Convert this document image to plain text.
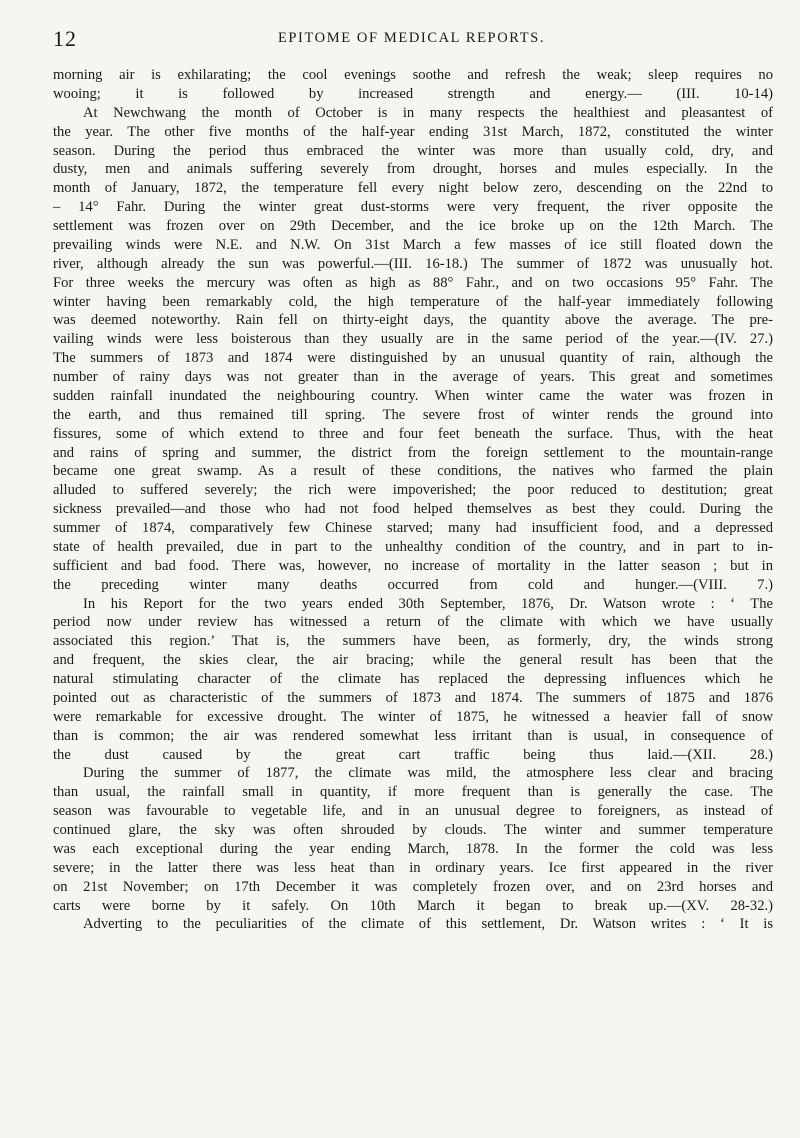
12	EPITOME OF MEDICAL REPORTS.
morning air is exhilarating; the cool evenings soothe and refresh the weak; sleep requires no
wooing; it is followed by increased strength and energy.— (III. 10-14)
At Newchwang the month of October is in many respects the healthiest and pleasantest of
the year. The other five months of the half-year ending 31st March, 1872, constituted the winter
season. During the period thus embraced the winter was more than usually cold, dry, and
dusty, men and animals suffering severely from drought, horses and mules especially. In the
month of January, 1872, the temperature fell every night below zero, descending on the 22nd to
– 14° Fahr. During the winter great dust-storms were very frequent, the river opposite the
settlement was frozen over on 29th December, and the ice broke up on the 12th March. The
prevailing winds were N.E. and N.W. On 31st March a few masses of ice still floated down the
river, although already the sun was powerful.—(III. 16-18.) The summer of 1872 was unusually hot.
For three weeks the mercury was often as high as 88° Fahr., and on two occasions 95° Fahr. The
winter having been remarkably cold, the high temperature of the half-year immediately following
was deemed noteworthy. Rain fell on thirty-eight days, the quantity above the average. The pre-
vailing winds were less boisterous than they usually are in the same period of the year.—(IV. 27.)
The summers of 1873 and 1874 were distinguished by an unusual quantity of rain, although the
number of rainy days was not greater than in the average of years. This great and sometimes
sudden rainfall inundated the neighbouring country. When winter came the water was frozen in
the earth, and thus remained till spring. The severe frost of winter rends the ground into
fissures, some of which extend to three and four feet beneath the surface. Thus, with the heat
and rains of spring and summer, the district from the foreign settlement to the mountain-range
became one great swamp. As a result of these conditions, the natives who farmed the plain
alluded to suffered severely; the rich were impoverished; the poor reduced to destitution; great
sickness prevailed—and those who had not food helped themselves as best they could. During the
summer of 1874, comparatively few Chinese starved; many had insufficient food, and a depressed
state of health prevailed, due in part to the unhealthy condition of the country, and in part to in-
sufficient and bad food. There was, however, no increase of mortality in the latter season ; but in
the preceding winter many deaths occurred from cold and hunger.—(VIII. 7.)
In his Report for the two years ended 30th September, 1876, Dr. Watson wrote : ‘ The
period now under review has witnessed a return of the climate with which we have usually
associated this region.’ That is, the summers have been, as formerly, dry, the winds strong
and frequent, the skies clear, the air bracing; while the general result has been that the
natural stimulating character of the climate has replaced the depressing influences which he
pointed out as characteristic of the summers of 1873 and 1874. The summers of 1875 and 1876
were remarkable for excessive drought. The winter of 1875, he witnessed a heavier fall of snow
than is common; the air was rendered somewhat less irritant than is usual, in consequence of
the dust caused by the great cart traffic being thus laid.—(XII. 28.)
During the summer of 1877, the climate was mild, the atmosphere less clear and bracing
than usual, the rainfall small in quantity, if more frequent than is generally the case. The
season was favourable to vegetable life, and in an unusual degree to foreigners, as instead of
continued glare, the sky was often shrouded by clouds. The winter and summer temperature
was each exceptional during the year ending March, 1878. In the former the cold was less
severe; in the latter there was less heat than in ordinary years. Ice first appeared in the river
on 21st November; on 17th December it was completely frozen over, and on 23rd horses and
carts were borne by it safely. On 10th March it began to break up.—(XV. 28-32.)
Adverting to the peculiarities of the climate of this settlement, Dr. Watson writes : ‘ It is
